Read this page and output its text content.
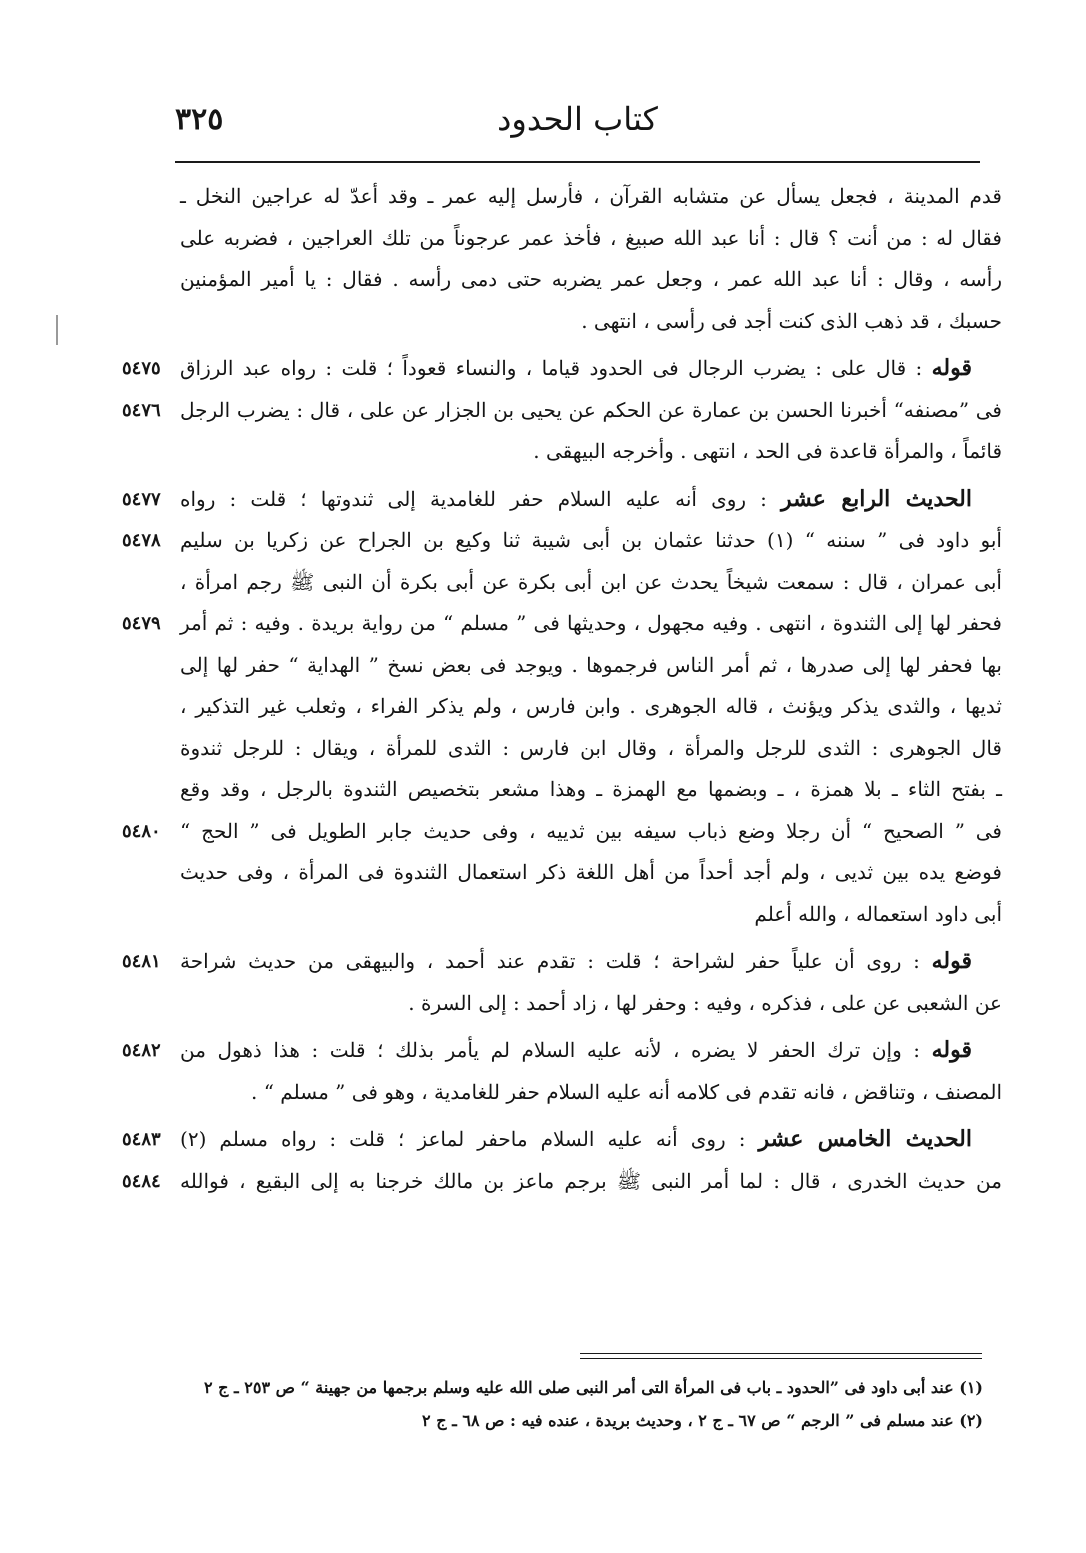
٣٢٥	كتاب الحدود
قدم المدينة ، فجعل يسأل عن متشابه القرآن ، فأرسل إليه عمر ـ وقد أعدّ له عراجين النخل ـ
فقال له : من أنت ؟ قال : أنا عبد الله صبيغ ، فأخذ عمر عرجوناً من تلك العراجين ، فضربه على
رأسه ، وقال : أنا عبد الله عمر ، وجعل عمر يضربه حتى دمى رأسه . فقال : يا أمير المؤمنين
حسبك ، قد ذهب الذى كنت أجد فى رأسى ، انتهى .
٥٤٧٥	قوله : قال على : يضرب الرجال فى الحدود قياما ، والنساء قعوداً ؛ قلت : رواه عبد الرزاق
٥٤٧٦ فى ”مصنفه“ أخبرنا الحسن بن عمارة عن الحكم عن يحيى بن الجزار عن على ، قال : يضرب الرجل
قائماً ، والمرأة قاعدة فى الحد ، انتهى . وأخرجه البيهقى .
٥٤٧٧	الحديث الرابع عشر : روى أنه عليه السلام حفر للغامدية إلى ثندوتها ؛ قلت : رواه
٥٤٧٨ أبو داود فى ” سننه “ (١) حدثنا عثمان بن أبى شيبة ثنا وكيع بن الجراح عن زكريا بن سليم
أبى عمران ، قال : سمعت شيخاً يحدث عن ابن أبى بكرة عن أبى بكرة أن النبى ﷺ رجم امرأة ،
٥٤٧٩ فحفر لها إلى الثندوة ، انتهى . وفيه مجهول ، وحديثها فى ” مسلم “ من رواية بريدة . وفيه : ثم أمر
بها فحفر لها إلى صدرها ، ثم أمر الناس فرجموها . ويوجد فى بعض نسخ ” الهداية “ حفر لها إلى
ثديها ، والثدى يذكر ويؤنث ، قاله الجوهرى . وابن فارس ، ولم يذكر الفراء ، وثعلب غير التذكير ،
قال الجوهرى : الثدى للرجل والمرأة ، وقال ابن فارس : الثدى للمرأة ، ويقال : للرجل ثندوة
ـ بفتح الثاء ـ بلا همزة ، ـ وبضمها مع الهمزة ـ وهذا مشعر بتخصيص الثندوة بالرجل ، وقد وقع
٥٤٨٠ فى ” الصحيح “ أن رجلا وضع ذباب سيفه بين ثدييه ، وفى حديث جابر الطويل فى ” الحج “
فوضع يده بين ثديى ، ولم أجد أحداً من أهل اللغة ذكر استعمال الثندوة فى المرأة ، وفى حديث
أبى داود استعماله ، والله أعلم
٥٤٨١	قوله : روى أن علياً حفر لشراحة ؛ قلت : تقدم عند أحمد ، والبيهقى من حديث شراحة
عن الشعبى عن على ، فذكره ، وفيه : وحفر لها ، زاد أحمد : إلى السرة .
٥٤٨٢	قوله : وإن ترك الحفر لا يضره ، لأنه عليه السلام لم يأمر بذلك ؛ قلت : هذا ذهول من
المصنف ، وتناقض ، فانه تقدم فى كلامه أنه عليه السلام حفر للغامدية ، وهو فى ” مسلم “ .
٥٤٨٣	الحديث الخامس عشر : روى أنه عليه السلام ماحفر لماعز ؛ قلت : رواه مسلم (٢)
٥٤٨٤ من حديث الخدرى ، قال : لما أمر النبى ﷺ برجم ماعز بن مالك خرجنا به إلى البقيع ، فوالله
(١) عند أبى داود فى ”الحدود ـ باب فى المرأة التى أمر النبى صلى الله عليه وسلم برجمها من جهينة “ ص ٢٥٣ ـ ج ٢
(٢) عند مسلم فى ” الرجم “ ص ٦٧ ـ ج ٢ ، وحديث بريدة ، عنده فيه : ص ٦٨ ـ ج ٢
